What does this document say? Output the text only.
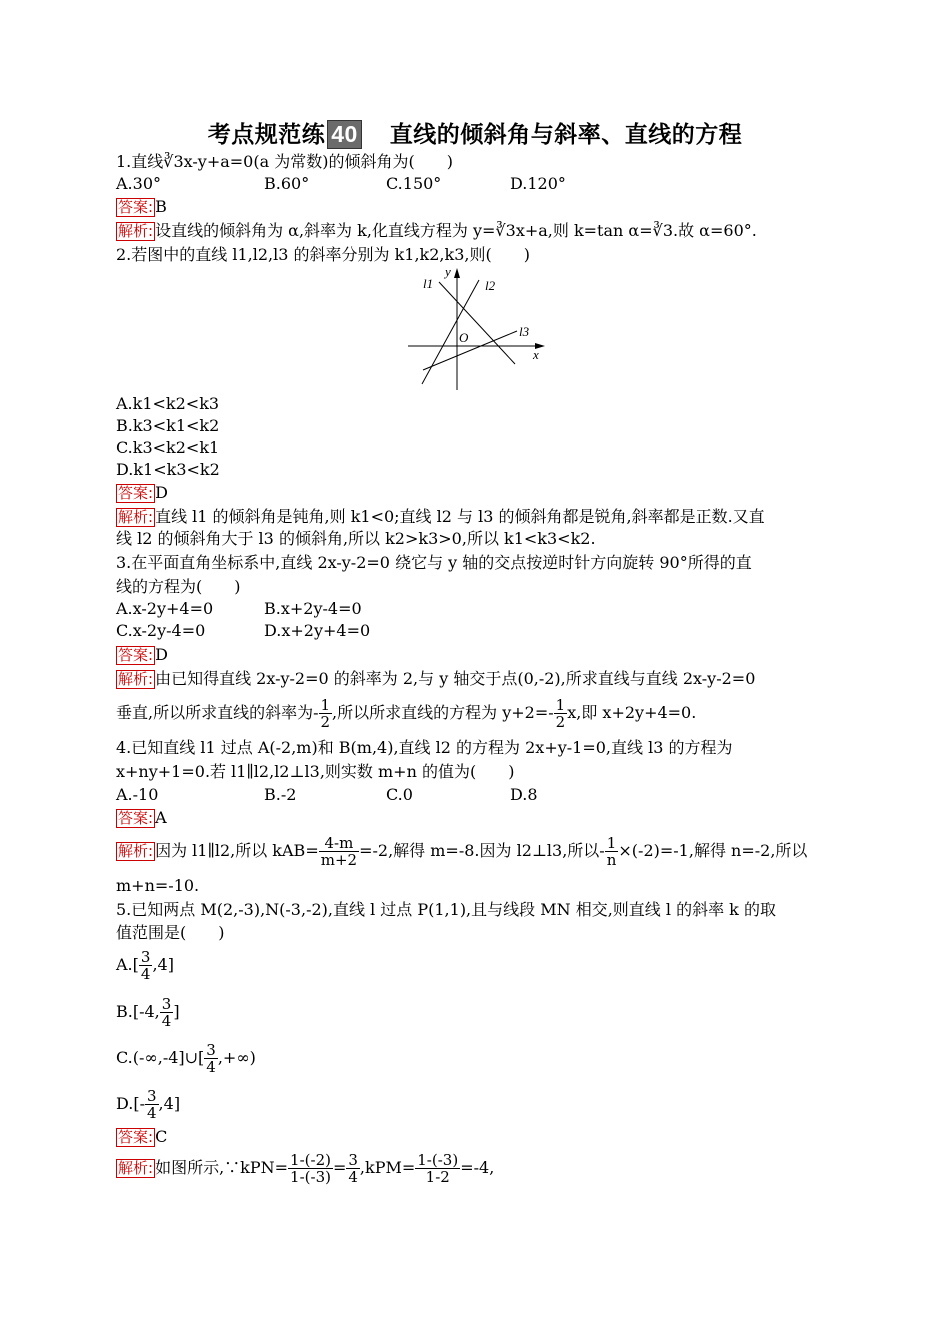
考点规范练 40 直线的倾斜角与斜率、直线的方程
1.直线∛3x-y+a=0(a 为常数)的倾斜角为(　　)
A.30°	B.60°	C.150°	D.120°
答案: B
解析: 设直线的倾斜角为 α,斜率为 k,化直线方程为 y=∛3x+a,则 k=tan α=∛3.故 α=60°.
2.若图中的直线 l1,l2,l3 的斜率分别为 k1,k2,k3,则(　　)
l1	l2
l3
y
x
O
A.k1<k2<k3
B.k3<k1<k2
C.k3<k2<k1
D.k1<k3<k2
答案: D
解析: 直线 l1 的倾斜角是钝角,则 k1<0;直线 l2 与 l3 的倾斜角都是锐角,斜率都是正数.又直
线 l2 的倾斜角大于 l3 的倾斜角,所以 k2>k3>0,所以 k1<k3<k2.
3.在平面直角坐标系中,直线 2x-y-2=0 绕它与 y 轴的交点按逆时针方向旋转 90°所得的直
线的方程为(　　)
A.x-2y+4=0	B.x+2y-4=0
C.x-2y-4=0	D.x+2y+4=0
答案: D
解析: 由已知得直线 2x-y-2=0 的斜率为 2,与 y 轴交于点(0,-2),所求直线与直线 2x-y-2=0
垂直,所以所求直线的斜率为- $\frac{1}{2}$ ,所以所求直线的方程为 $y+2=- \frac{1}{2} x$,即 x+2y+4=0.
4.已知直线 l1 过点 A(-2,m)和 B(m,4),直线 l2 的方程为 2x+y-1=0,直线 l3 的方程为
x+ny+1=0.若 l1∥l2,l2⊥l3,则实数 m+n 的值为(　　)
A.-10	B.-2	C.0	D.8
答案: A
解析: 因为 l1∥l2,所以 $kAB= \frac{4-m}{m+2} =-2$,解得 m=-8.因为 l2⊥l3,所以- $\frac{1}{n} \times(-2)=-1$,解得 n=-2,所以
m+n=-10.
5.已知两点 M(2,-3),N(-3,-2),直线 l 过点 P(1,1),且与线段 MN 相交,则直线 l 的斜率 k 的取
值范围是(　　)
$A.[ \frac{3}{4} ,4]$
B.[-4, $\frac{3}{4}$ ]
C.(-∞,-4]∪[ $\frac{3}{4}$ ,+∞)
$D.[- \frac{3}{4} ,4]$
答案: C
解析: 如图所示,∵kPN= $\frac{1-(-2)}{1-(-3)} = \frac{3}{4} ,kPM= \frac{1-(-3)}{1-2} =-4$,
